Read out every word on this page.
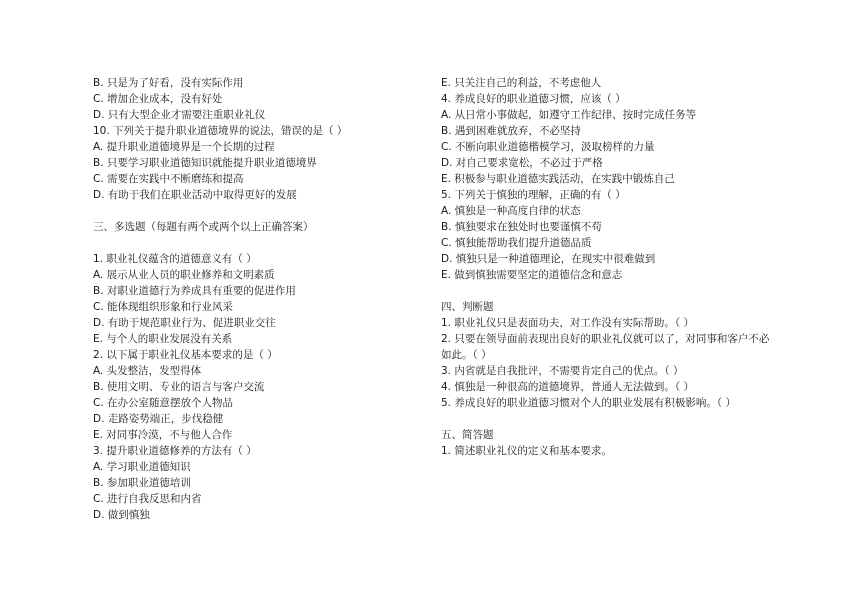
B. 只是为了好看，没有实际作用
C. 增加企业成本，没有好处
D. 只有大型企业才需要注重职业礼仪
10. 下列关于提升职业道德境界的说法，错误的是（ ）
A. 提升职业道德境界是一个长期的过程
B. 只要学习职业道德知识就能提升职业道德境界
C. 需要在实践中不断磨练和提高
D. 有助于我们在职业活动中取得更好的发展
三、多选题（每题有两个或两个以上正确答案）
1. 职业礼仪蕴含的道德意义有（ ）
A. 展示从业人员的职业修养和文明素质
B. 对职业道德行为养成具有重要的促进作用
C. 能体现组织形象和行业风采
D. 有助于规范职业行为、促进职业交往
E. 与个人的职业发展没有关系
2. 以下属于职业礼仪基本要求的是（ ）
A. 头发整洁，发型得体
B. 使用文明、专业的语言与客户交流
C. 在办公室随意摆放个人物品
D. 走路姿势端正，步伐稳健
E. 对同事冷漠，不与他人合作
3. 提升职业道德修养的方法有（ ）
A. 学习职业道德知识
B. 参加职业道德培训
C. 进行自我反思和内省
D. 做到慎独
E. 只关注自己的利益，不考虑他人
4. 养成良好的职业道德习惯，应该（ ）
A. 从日常小事做起，如遵守工作纪律、按时完成任务等
B. 遇到困难就放弃，不必坚持
C. 不断向职业道德楷模学习，汲取榜样的力量
D. 对自己要求宽松，不必过于严格
E. 积极参与职业道德实践活动，在实践中锻炼自己
5. 下列关于慎独的理解，正确的有（ ）
A. 慎独是一种高度自律的状态
B. 慎独要求在独处时也要谨慎不苟
C. 慎独能帮助我们提升道德品质
D. 慎独只是一种道德理论，在现实中很难做到
E. 做到慎独需要坚定的道德信念和意志
四、判断题
1. 职业礼仪只是表面功夫，对工作没有实际帮助。（ ）
2. 只要在领导面前表现出良好的职业礼仪就可以了，对同事和客户不必
如此。（ ）
3. 内省就是自我批评，不需要肯定自己的优点。（ ）
4. 慎独是一种很高的道德境界，普通人无法做到。（ ）
5. 养成良好的职业道德习惯对个人的职业发展有积极影响。（ ）
五、简答题
1. 简述职业礼仪的定义和基本要求。
